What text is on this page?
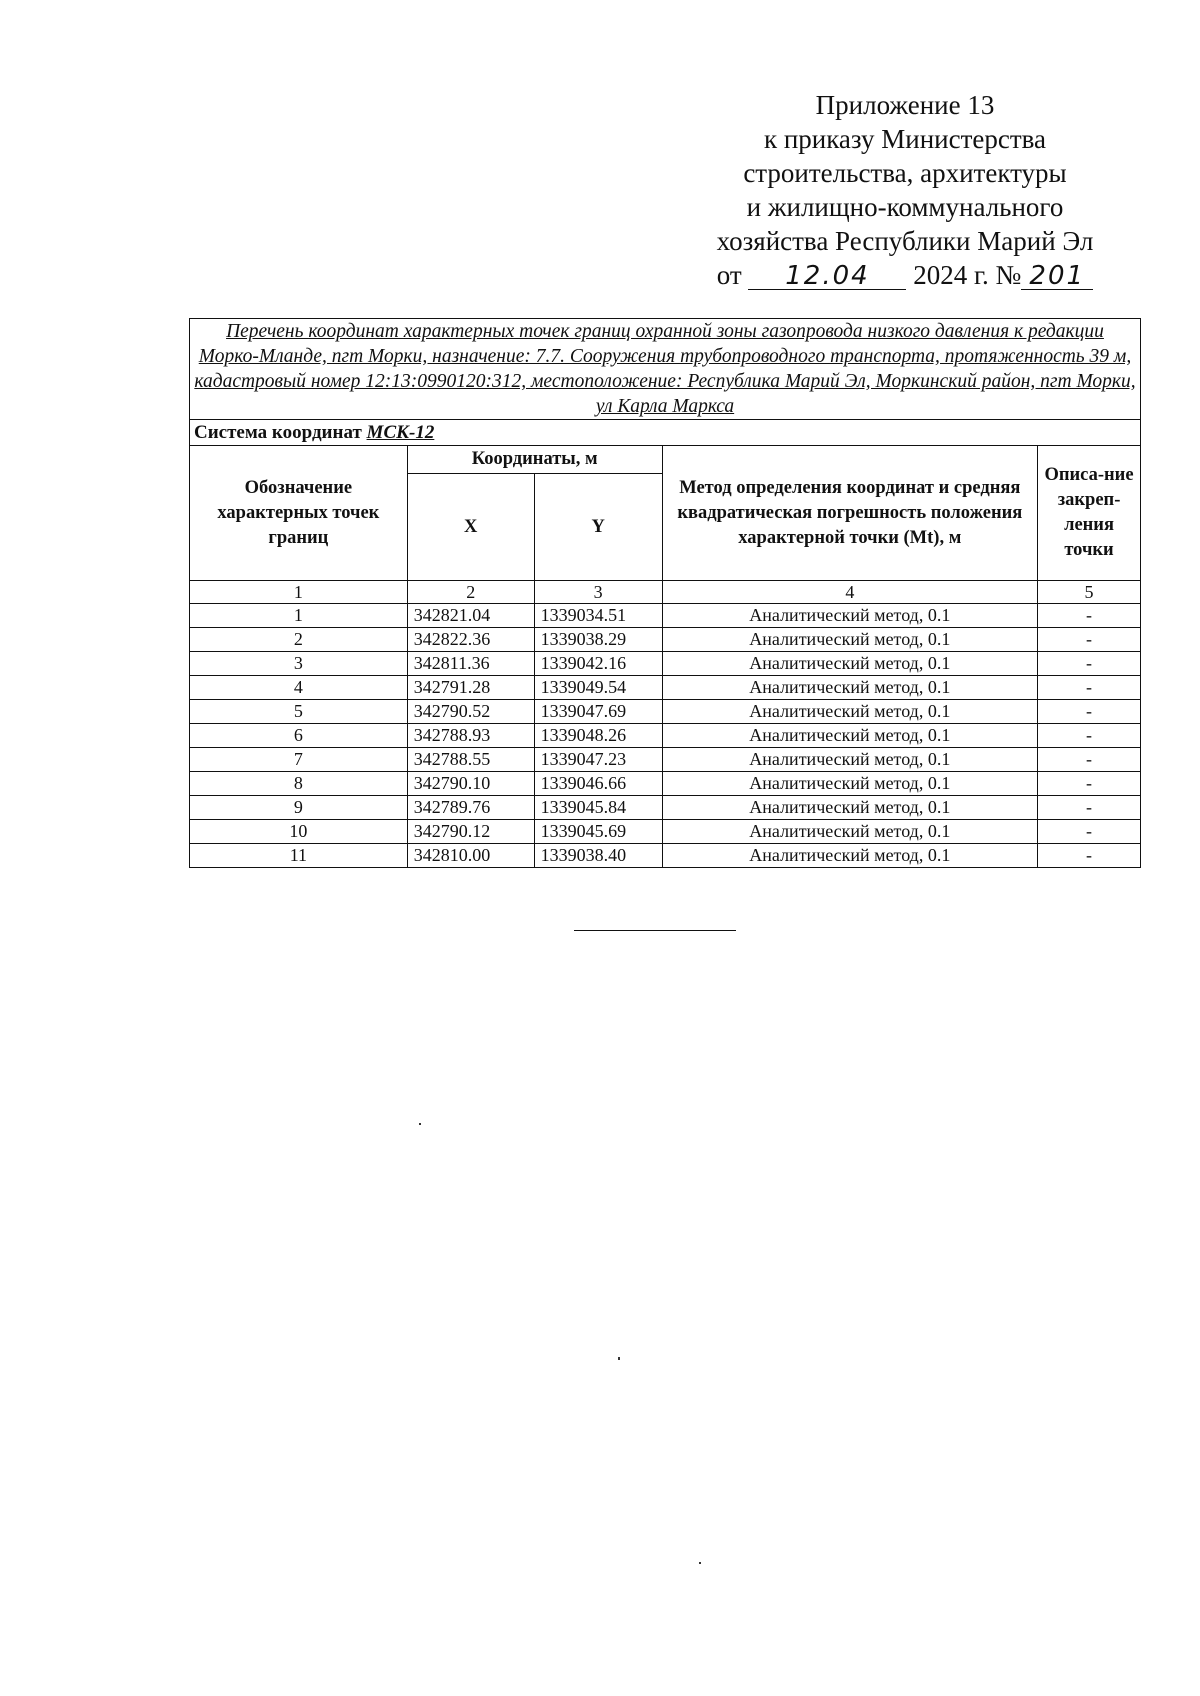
Приложение 13
к приказу Министерства
строительства, архитектуры
и жилищно-коммунального
хозяйства Республики Марий Эл
от 12.04 2024 г. № 201
Перечень координат характерных точек границ охранной зоны газопровода низкого давления к редакции Морко-Мланде, пгт Морки, назначение: 7.7. Сооружения трубопроводного транспорта, протяженность 39 м, кадастровый номер 12:13:0990120:312, местоположение: Республика Марий Эл, Моркинский район, пгт Морки, ул Карла Маркса				
Система координат МСК-12				
Обозначение характерных точек границ	Координаты, м		Метод определения координат и средняя квадратическая погрешность положения характерной точки (Mt), м	Описа-ние закреп-ления точки
	X	Y		
1	2	3	4	5
1	342821.04	1339034.51	Аналитический метод, 0.1	-
2	342822.36	1339038.29	Аналитический метод, 0.1	-
3	342811.36	1339042.16	Аналитический метод, 0.1	-
4	342791.28	1339049.54	Аналитический метод, 0.1	-
5	342790.52	1339047.69	Аналитический метод, 0.1	-
6	342788.93	1339048.26	Аналитический метод, 0.1	-
7	342788.55	1339047.23	Аналитический метод, 0.1	-
8	342790.10	1339046.66	Аналитический метод, 0.1	-
9	342789.76	1339045.84	Аналитический метод, 0.1	-
10	342790.12	1339045.69	Аналитический метод, 0.1	-
11	342810.00	1339038.40	Аналитический метод, 0.1	-
